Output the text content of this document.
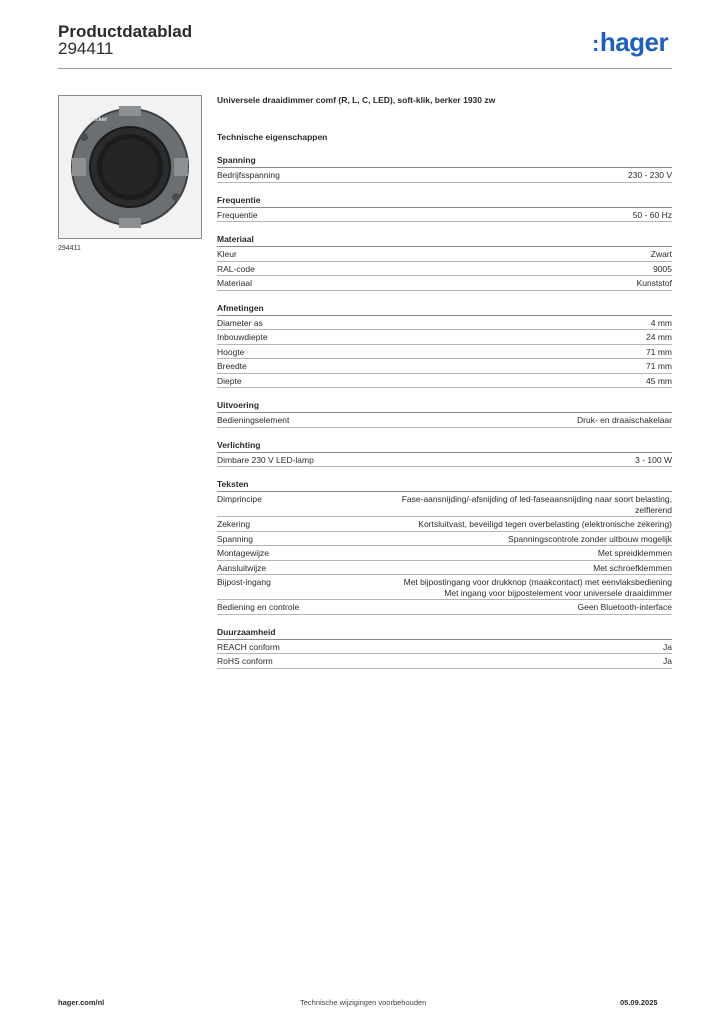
Productdatablad
294411	:hager
berker
294411
Universele draaidimmer comf (R, L, C, LED), soft-klik, berker 1930 zw
Technische eigenschappen
Spanning
Bedrijfsspanning	230 - 230 V
Frequentie
Frequentie	50 - 60 Hz
Materiaal
Kleur	Zwart
RAL-code	9005
Materiaal	Kunststof
Afmetingen
Diameter as	4 mm
Inbouwdiepte	24 mm
Hoogte	71 mm
Breedte	71 mm
Diepte	45 mm
Uitvoering
Bedieningselement	Druk- en draaischakelaar
Verlichting
Dimbare 230 V LED-lamp	3 - 100 W
Teksten
Dimprincipe	Fase-aansnijding/-afsnijding of led-faseaansnijding naar soort belasting,
zelflerend
Zekering	Kortsluitvast, beveiligd tegen overbelasting (elektronische zekering)
Spanning	Spanningscontrole zonder uitbouw mogelijk
Montagewijze	Met spreidklemmen
Aansluitwijze	Met schroefklemmen
Bijpost-ingang	Met bijpostingang voor drukknop (maakcontact) met eenvlaksbediening
Met ingang voor bijpostelement voor universele draaidimmer
Bediening en controle	Geen Bluetooth-interface
Duurzaamheid
REACH conform	Ja
RoHS conform	Ja
hager.com/nl	Technische wijzigingen voorbehouden	05.09.2025
